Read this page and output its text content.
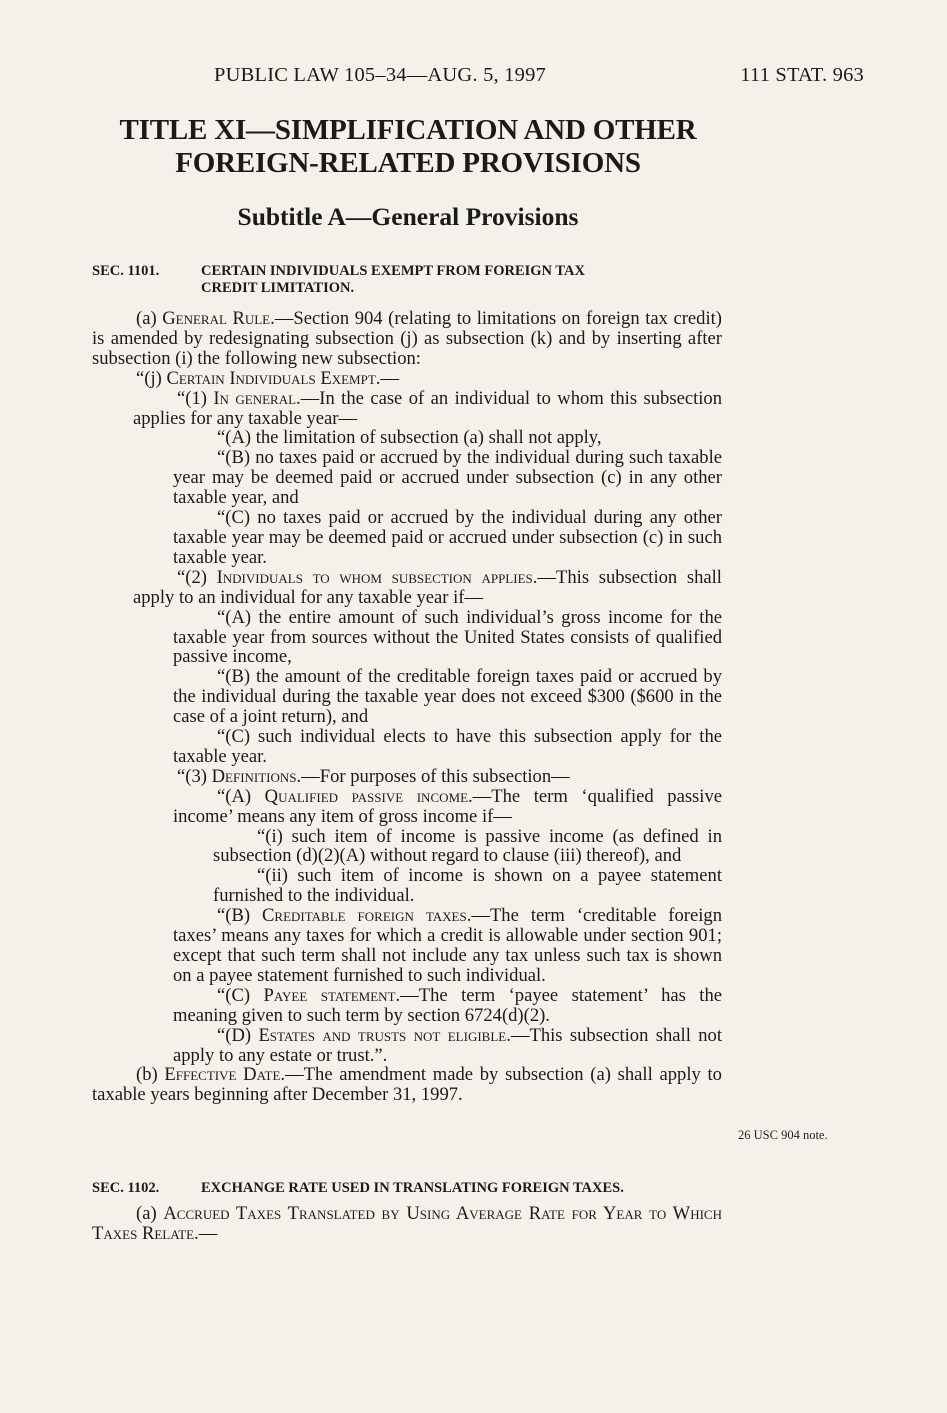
PUBLIC LAW 105–34—AUG. 5, 1997	111 STAT. 963
TITLE XI—SIMPLIFICATION AND OTHER
FOREIGN-RELATED PROVISIONS
Subtitle A—General Provisions
SEC. 1101.	CERTAIN INDIVIDUALS EXEMPT FROM FOREIGN TAX
CREDIT LIMITATION.

(a) General Rule.—Section 904 (relating to limitations on foreign tax credit) is amended by redesignating subsection (j) as subsection (k) and by inserting after subsection (i) the following new subsection:

“(j) Certain Individuals Exempt.—

“(1) In general.—In the case of an individual to whom this subsection applies for any taxable year—

“(A) the limitation of subsection (a) shall not apply,

“(B) no taxes paid or accrued by the individual during such taxable year may be deemed paid or accrued under subsection (c) in any other taxable year, and

“(C) no taxes paid or accrued by the individual during any other taxable year may be deemed paid or accrued under subsection (c) in such taxable year.

“(2) Individuals to whom subsection applies.—This subsection shall apply to an individual for any taxable year if—

“(A) the entire amount of such individual’s gross income for the taxable year from sources without the United States consists of qualified passive income,

“(B) the amount of the creditable foreign taxes paid or accrued by the individual during the taxable year does not exceed $300 ($600 in the case of a joint return), and

“(C) such individual elects to have this subsection apply for the taxable year.

“(3) Definitions.—For purposes of this subsection—

“(A) Qualified passive income.—The term ‘qualified passive income’ means any item of gross income if—

“(i) such item of income is passive income (as defined in subsection (d)(2)(A) without regard to clause (iii) thereof), and

“(ii) such item of income is shown on a payee statement furnished to the individual.

“(B) Creditable foreign taxes.—The term ‘creditable foreign taxes’ means any taxes for which a credit is allowable under section 901; except that such term shall not include any tax unless such tax is shown on a payee statement furnished to such individual.

“(C) Payee statement.—The term ‘payee statement’ has the meaning given to such term by section 6724(d)(2).

“(D) Estates and trusts not eligible.—This subsection shall not apply to any estate or trust.”.

(b) Effective Date.—The amendment made by subsection (a) shall apply to taxable years beginning after December 31, 1997.

26 USC 904 note.
SEC. 1102.	EXCHANGE RATE USED IN TRANSLATING FOREIGN TAXES.

(a) Accrued Taxes Translated by Using Average Rate for Year to Which Taxes Relate.—
